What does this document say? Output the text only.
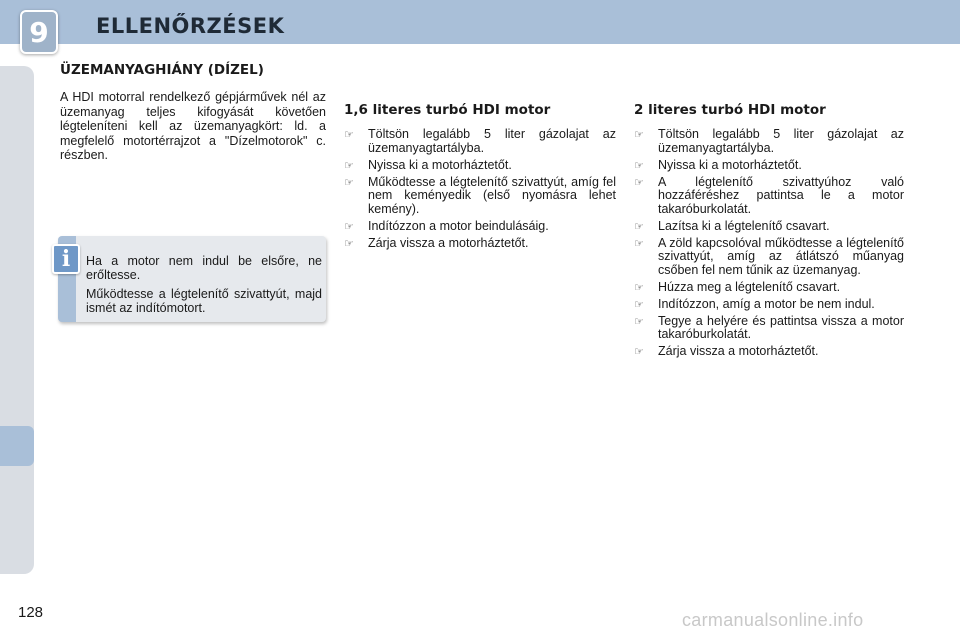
9	ELLENŐRZÉSEK
ÜZEMANYAGHIÁNY (DÍZEL)

A HDI motorral rendelkező gépjárművek nél az üzemanyag teljes kifogyását követően légteleníteni kell az üzemanyagkört: ld. a megfelelő motortérrajzot a "Dízelmotorok" c. részben.

i	Ha a motor nem indul be elsőre, ne erőltesse.

Működtesse a légtelenítő szivattyút, majd ismét az indítómotort.

1,6 literes turbó HDI motor
☞ Töltsön legalább 5 liter gázolajat az üzemanyagtartályba.
☞ Nyissa ki a motorháztetőt.
☞ Működtesse a légtelenítő szivattyút, amíg fel nem keményedik (első nyomásra lehet kemény).
☞ Indítózzon a motor beindulásáig.
☞ Zárja vissza a motorháztetőt.
2 literes turbó HDI motor
☞ Töltsön legalább 5 liter gázolajat az üzemanyagtartályba.
☞ Nyissa ki a motorháztetőt.
☞ A légtelenítő szivattyúhoz való hozzáféréshez pattintsa le a motor takaróburkolatát.
☞ Lazítsa ki a légtelenítő csavart.
☞ A zöld kapcsolóval működtesse a légtelenítő szivattyút, amíg az átlátszó műanyag csőben fel nem tűnik az üzemanyag.
☞ Húzza meg a légtelenítő csavart.
☞ Indítózzon, amíg a motor be nem indul.
☞ Tegye a helyére és pattintsa vissza a motor takaróburkolatát.
☞ Zárja vissza a motorháztetőt.
128	carmanualsonline.info
